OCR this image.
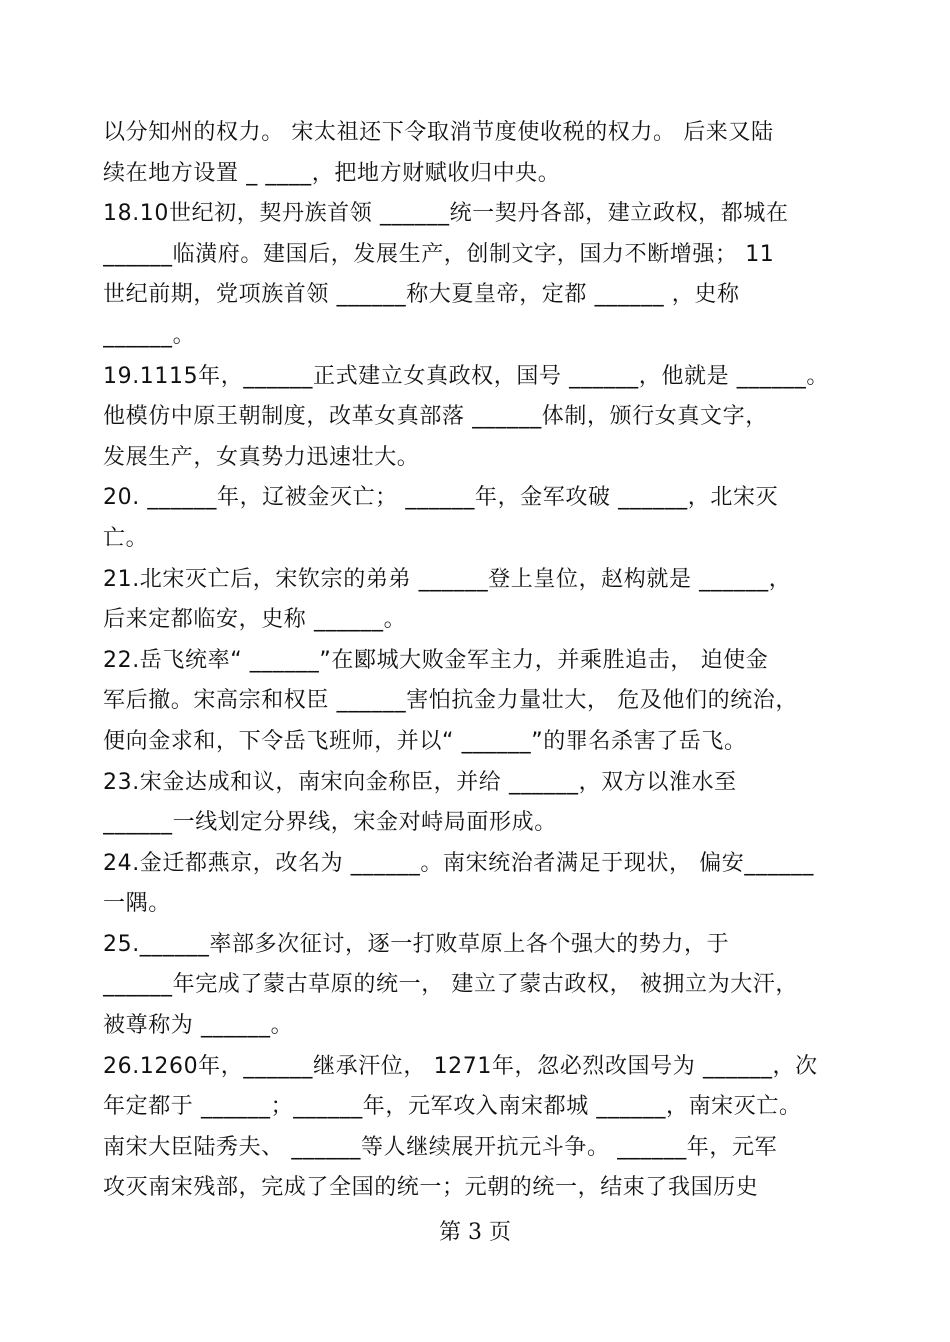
以分知州的权力。 宋太祖还下令取消节度使收税的权力。 后来又陆
续在地方设置 _ ____，把地方财赋收归中央。
18.10世纪初，契丹族首领 ______统一契丹各部，建立政权，都城在
______临潢府。建国后，发展生产，创制文字，国力不断增强； 11
世纪前期，党项族首领 ______称大夏皇帝，定都 ______ ，史称
______。
19.1115年，______正式建立女真政权，国号 ______，他就是 ______。
他模仿中原王朝制度，改革女真部落 ______体制，颁行女真文字，
发展生产，女真势力迅速壮大。
20. ______年，辽被金灭亡； ______年，金军攻破 ______，北宋灭
亡。
21.北宋灭亡后，宋钦宗的弟弟 ______登上皇位，赵构就是 ______，
后来定都临安，史称 ______。
22.岳飞统率“ ______”在郾城大败金军主力，并乘胜追击， 迫使金
军后撤。宋高宗和权臣 ______害怕抗金力量壮大， 危及他们的统治，
便向金求和，下令岳飞班师，并以“ ______”的罪名杀害了岳飞。
23.宋金达成和议，南宋向金称臣，并给 ______，双方以淮水至
______一线划定分界线，宋金对峙局面形成。
24.金迁都燕京，改名为 ______。南宋统治者满足于现状， 偏安______
一隅。
25.______率部多次征讨，逐一打败草原上各个强大的势力，于
______年完成了蒙古草原的统一， 建立了蒙古政权， 被拥立为大汗，
被尊称为 ______。
26.1260年，______继承汗位， 1271年，忽必烈改国号为 ______，次
年定都于 ______；______年，元军攻入南宋都城 ______，南宋灭亡。
南宋大臣陆秀夫、 ______等人继续展开抗元斗争。 ______年，元军
攻灭南宋残部，完成了全国的统一；元朝的统一，结束了我国历史
第 3 页
